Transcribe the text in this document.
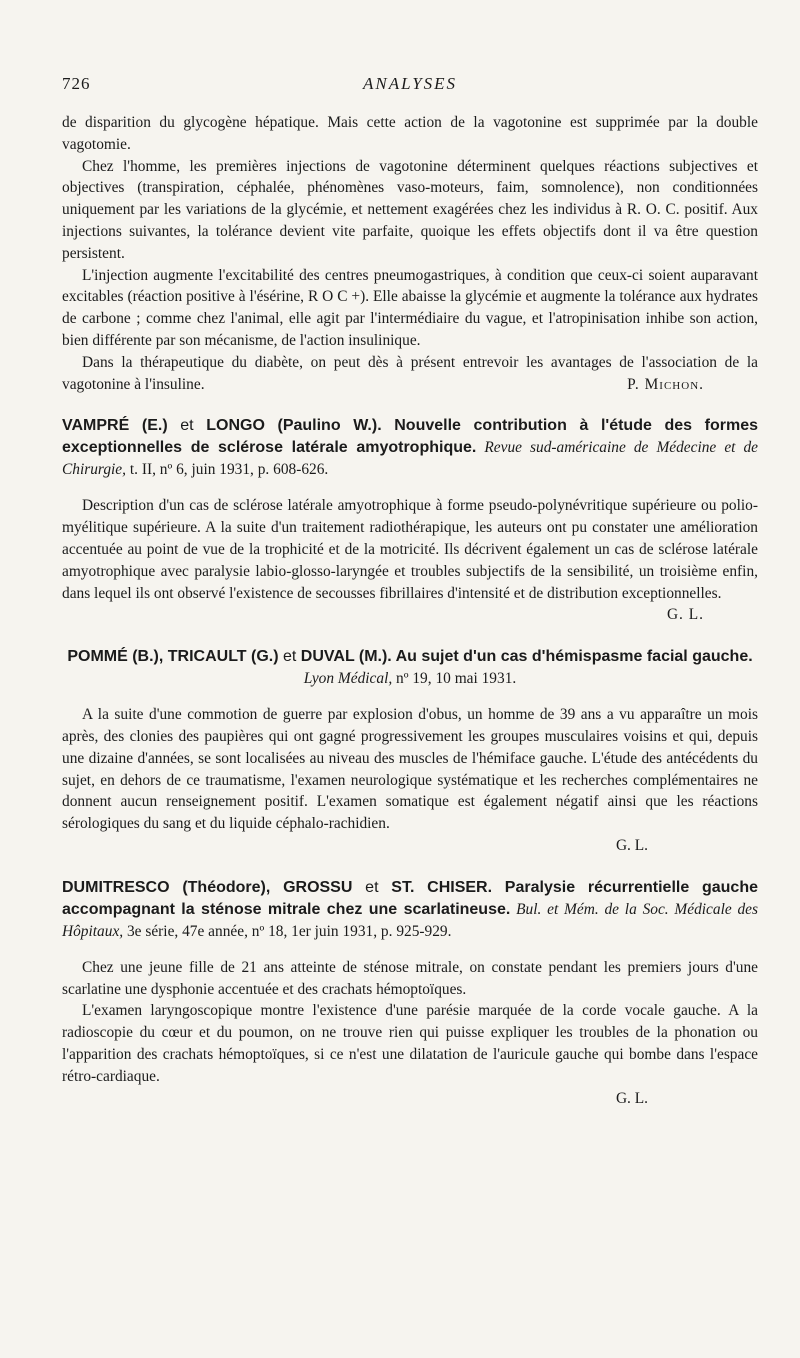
726	ANALYSES

de disparition du glycogène hépatique. Mais cette action de la vagotonine est supprimée par la double vagotomie.

Chez l'homme, les premières injections de vagotonine déterminent quelques réactions subjectives et objectives (transpiration, céphalée, phénomènes vaso-moteurs, faim, somnolence), non conditionnées uniquement par les variations de la glycémie, et nettement exagérées chez les individus à R. O. C. positif. Aux injections suivantes, la tolérance devient vite parfaite, quoique les effets objectifs dont il va être question persistent.

L'injection augmente l'excitabilité des centres pneumogastriques, à condition que ceux-ci soient auparavant excitables (réaction positive à l'ésérine, R O C +). Elle abaisse la glycémie et augmente la tolérance aux hydrates de carbone ; comme chez l'animal, elle agit par l'intermédiaire du vague, et l'atropinisation inhibe son action, bien différente par son mécanisme, de l'action insulinique.

Dans la thérapeutique du diabète, on peut dès à présent entrevoir les avantages de l'association de la vagotonine à l'insuline.	P. Michon.

VAMPRÉ (E.) et LONGO (Paulino W.). Nouvelle contribution à l'étude des formes exceptionnelles de sclérose latérale amyotrophique. Revue sud-américaine de Médecine et de Chirurgie, t. II, nº 6, juin 1931, p. 608-626.

Description d'un cas de sclérose latérale amyotrophique à forme pseudo-polynévritique supérieure ou polio-myélitique supérieure. A la suite d'un traitement radiothérapique, les auteurs ont pu constater une amélioration accentuée au point de vue de la trophicité et de la motricité. Ils décrivent également un cas de sclérose latérale amyotrophique avec paralysie labio-glosso-laryngée et troubles subjectifs de la sensibilité, un troisième enfin, dans lequel ils ont observé l'existence de secousses fibrillaires d'intensité et de distribution exceptionnelles.
G. L.

POMMÉ (B.), TRICAULT (G.) et DUVAL (M.). Au sujet d'un cas d'hémispasme facial gauche. Lyon Médical, nº 19, 10 mai 1931.

A la suite d'une commotion de guerre par explosion d'obus, un homme de 39 ans a vu apparaître un mois après, des clonies des paupières qui ont gagné progressivement les groupes musculaires voisins et qui, depuis une dizaine d'années, se sont localisées au niveau des muscles de l'hémiface gauche. L'étude des antécédents du sujet, en dehors de ce traumatisme, l'examen neurologique systématique et les recherches complémentaires ne donnent aucun renseignement positif. L'examen somatique est également négatif ainsi que les réactions sérologiques du sang et du liquide céphalo-rachidien.

G. L.
DUMITRESCO (Théodore), GROSSU et ST. CHISER. Paralysie récurrentielle gauche accompagnant la sténose mitrale chez une scarlatineuse. Bul. et Mém. de la Soc. Médicale des Hôpitaux, 3e série, 47e année, nº 18, 1er juin 1931, p. 925-929.

Chez une jeune fille de 21 ans atteinte de sténose mitrale, on constate pendant les premiers jours d'une scarlatine une dysphonie accentuée et des crachats hémoptoïques.

L'examen laryngoscopique montre l'existence d'une parésie marquée de la corde vocale gauche. A la radioscopie du cœur et du poumon, on ne trouve rien qui puisse expliquer les troubles de la phonation ou l'apparition des crachats hémoptoïques, si ce n'est une dilatation de l'auricule gauche qui bombe dans l'espace rétro-cardiaque.

G. L.
